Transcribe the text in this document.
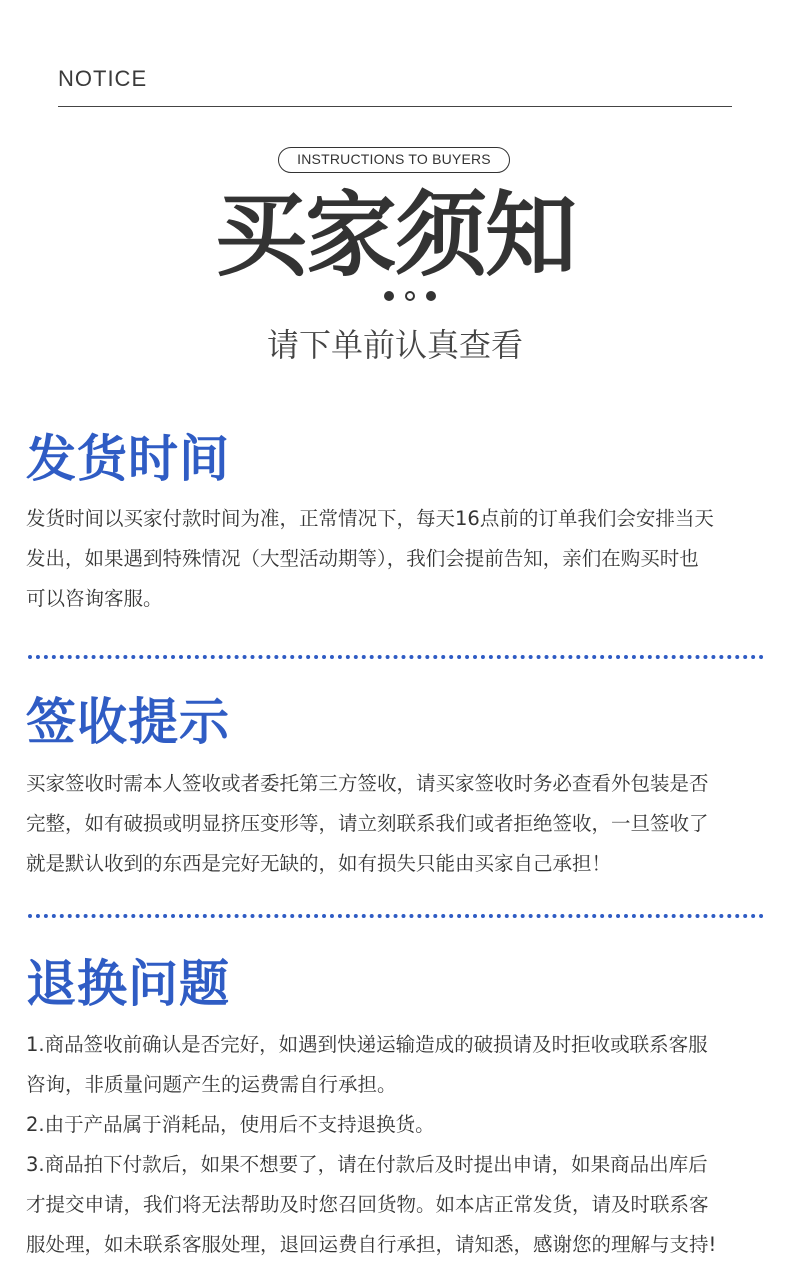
NOTICE
INSTRUCTIONS TO BUYERS
买家须知
请下单前认真查看
发货时间

发货时间以买家付款时间为准，正常情况下，每天16点前的订单我们会安排当天

发出，如果遇到特殊情况（大型活动期等），我们会提前告知，亲们在购买时也

可以咨询客服。

签收提示

买家签收时需本人签收或者委托第三方签收，请买家签收时务必查看外包装是否

完整，如有破损或明显挤压变形等，请立刻联系我们或者拒绝签收，一旦签收了

就是默认收到的东西是完好无缺的，如有损失只能由买家自己承担！

退换问题

1.商品签收前确认是否完好，如遇到快递运输造成的破损请及时拒收或联系客服

咨询，非质量问题产生的运费需自行承担。

2.由于产品属于消耗品，使用后不支持退换货。

3.商品拍下付款后，如果不想要了，请在付款后及时提出申请，如果商品出库后

才提交申请，我们将无法帮助及时您召回货物。如本店正常发货，请及时联系客

服处理，如未联系客服处理，退回运费自行承担，请知悉，感谢您的理解与支持!
